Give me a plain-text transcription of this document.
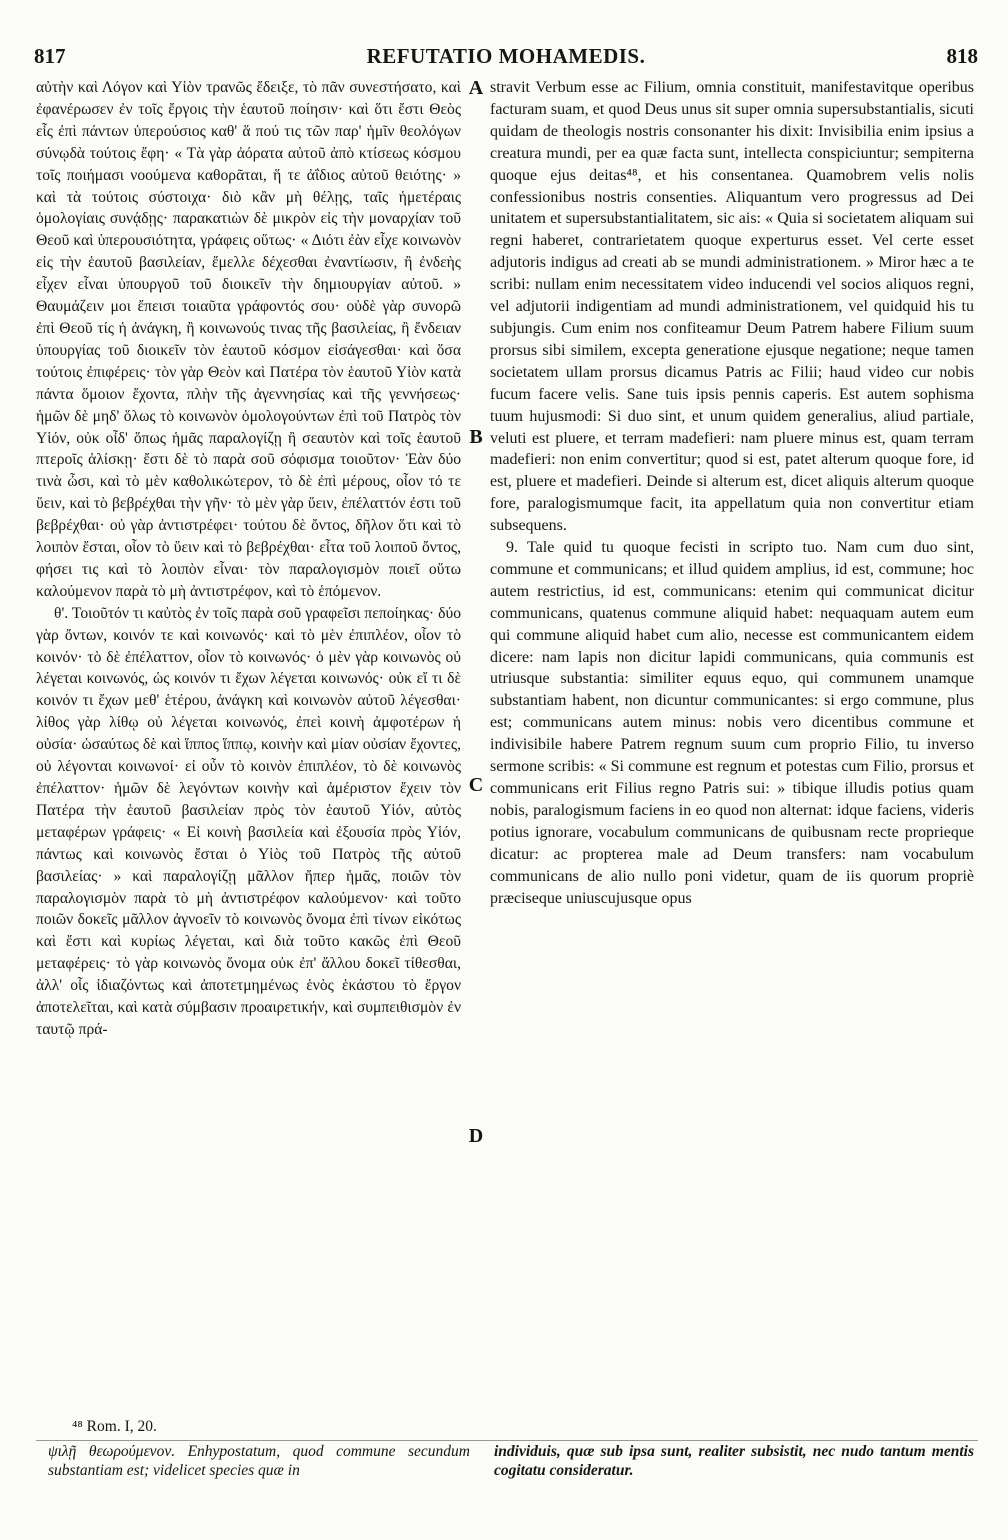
817	REFUTATIO MOHAMEDIS.	818

αὐτὴν καὶ Λόγον καὶ Υἱὸν τρανῶς ἔδειξε, τὸ πᾶν συνεστήσατο, καὶ ἐφανέρωσεν ἐν τοῖς ἔργοις τὴν ἑαυτοῦ ποίησιν· καὶ ὅτι ἔστι Θεὸς εἷς ἐπὶ πάντων ὑπερούσιος καθ' ἅ πού τις τῶν παρ' ἡμῖν θεολόγων σύνῳδὰ τούτοις ἔφη· « Τὰ γὰρ ἀόρατα αὐτοῦ ἀπὸ κτίσεως κόσμου τοῖς ποιήμασι νοούμενα καθορᾶται, ἥ τε ἀΐδιος αὐτοῦ θειότης· » καὶ τὰ τούτοις σύστοιχα· διὸ κἂν μὴ θέλῃς, ταῖς ἡμετέραις ὁμολογίαις συνᾴδῃς· παρακατιὼν δὲ μικρὸν εἰς τὴν μοναρχίαν τοῦ Θεοῦ καὶ ὑπερουσιότητα, γράφεις οὕτως· « Διότι ἐὰν εἶχε κοινωνὸν εἰς τὴν ἑαυτοῦ βασιλείαν, ἔμελλε δέχεσθαι ἐναντίωσιν, ἢ ἐνδεὴς εἶχεν εἶναι ὑπουργοῦ τοῦ διοικεῖν τὴν δημιουργίαν αὐτοῦ. » Θαυμάζειν μοι ἔπεισι τοιαῦτα γράφοντός σου· οὐδὲ γὰρ συνορῶ ἐπὶ Θεοῦ τίς ἡ ἀνάγκη, ἢ κοινωνούς τινας τῆς βασιλείας, ἢ ἔνδειαν ὑπουργίας τοῦ διοικεῖν τὸν ἑαυτοῦ κόσμον εἰσάγεσθαι· καὶ ὅσα τούτοις ἐπιφέρεις· τὸν γὰρ Θεὸν καὶ Πατέρα τὸν ἑαυτοῦ Υἱὸν κατὰ πάντα ὅμοιον ἔχοντα, πλὴν τῆς ἀγεννησίας καὶ τῆς γεννήσεως· ἡμῶν δὲ μηδ' ὅλως τὸ κοινωνὸν ὁμολογούντων ἐπὶ τοῦ Πατρὸς τὸν Υἱόν, οὐκ οἶδ' ὅπως ἡμᾶς παραλογίζῃ ἢ σεαυτὸν καὶ τοῖς ἑαυτοῦ πτεροῖς ἁλίσκῃ· ἔστι δὲ τὸ παρὰ σοῦ σόφισμα τοιοῦτον· Ἐὰν δύο τινὰ ὦσι, καὶ τὸ μὲν καθολικώτερον, τὸ δὲ ἐπὶ μέρους, οἷον τό τε ὕειν, καὶ τὸ βεβρέχθαι τὴν γῆν· τὸ μὲν γὰρ ὕειν, ἐπέλαττόν ἐστι τοῦ βεβρέχθαι· οὐ γὰρ ἀντιστρέφει· τούτου δὲ ὄντος, δῆλον ὅτι καὶ τὸ λοιπὸν ἔσται, οἷον τὸ ὕειν καὶ τὸ βεβρέχθαι· εἶτα τοῦ λοιποῦ ὄντος, φήσει τις καὶ τὸ λοιπὸν εἶναι· τὸν παραλογισμὸν ποιεῖ οὕτω καλούμενον παρὰ τὸ μὴ ἀντιστρέφον, καὶ τὸ ἑπόμενον.

θ'. Τοιοῦτόν τι καὐτὸς ἐν τοῖς παρὰ σοῦ γραφεῖσι πεποίηκας· δύο γὰρ ὄντων, κοινόν τε καὶ κοινωνός· καὶ τὸ μὲν ἐπιπλέον, οἷον τὸ κοινόν· τὸ δὲ ἐπέλαττον, οἷον τὸ κοινωνός· ὁ μὲν γὰρ κοινωνὸς οὐ λέγεται κοινωνός, ὡς κοινόν τι ἔχων λέγεται κοινωνός· οὐκ εἴ τι δὲ κοινόν τι ἔχων μεθ' ἑτέρου, ἀνάγκη καὶ κοινωνὸν αὐτοῦ λέγεσθαι· λίθος γὰρ λίθῳ οὐ λέγεται κοινωνός, ἐπεὶ κοινὴ ἀμφοτέρων ἡ οὐσία· ὡσαύτως δὲ καὶ ἵππος ἵππῳ, κοινὴν καὶ μίαν οὐσίαν ἔχοντες, οὐ λέγονται κοινωνοί· εἰ οὖν τὸ κοινὸν ἐπιπλέον, τὸ δὲ κοινωνὸς ἐπέλαττον· ἡμῶν δὲ λεγόντων κοινὴν καὶ ἀμέριστον ἔχειν τὸν Πατέρα τὴν ἑαυτοῦ βασιλείαν πρὸς τὸν ἑαυτοῦ Υἱόν, αὐτὸς μεταφέρων γράφεις· « Εἰ κοινὴ βασιλεία καὶ ἐξουσία πρὸς Υἱόν, πάντως καὶ κοινωνὸς ἔσται ὁ Υἱὸς τοῦ Πατρὸς τῆς αὐτοῦ βασιλείας· » καὶ παραλογίζῃ μᾶλλον ἤπερ ἡμᾶς, ποιῶν τὸν παραλογισμὸν παρὰ τὸ μὴ ἀντιστρέφον καλούμενον· καὶ τοῦτο ποιῶν δοκεῖς μᾶλλον ἀγνοεῖν τὸ κοινωνὸς ὄνομα ἐπὶ τίνων εἰκότως καὶ ἔστι καὶ κυρίως λέγεται, καὶ διὰ τοῦτο κακῶς ἐπὶ Θεοῦ μεταφέρεις· τὸ γὰρ κοινωνὸς ὄνομα οὐκ ἐπ' ἄλλου δοκεῖ τίθεσθαι, ἀλλ' οἷς ἰδιαζόντως καὶ ἀποτετμημένως ἑνὸς ἑκάστου τὸ ἔργον ἀποτελεῖται, καὶ κατὰ σύμβασιν προαιρετικήν, καὶ συμπειθισμὸν ἐν ταυτῷ πρά-

A
B
C
D

stravit Verbum esse ac Filium, omnia constituit, manifestavitque operibus facturam suam, et quod Deus unus sit super omnia supersubstantialis, sicuti quidam de theologis nostris consonanter his dixit: Invisibilia enim ipsius a creatura mundi, per ea quæ facta sunt, intellecta conspiciuntur; sempiterna quoque ejus deitas⁴⁸, et his consentanea. Quamobrem velis nolis confessionibus nostris consenties. Aliquantum vero progressus ad Dei unitatem et supersubstantialitatem, sic ais: « Quia si societatem aliquam sui regni haberet, contrarietatem quoque experturus esset. Vel certe esset adjutoris indigus ad creati ab se mundi administrationem. » Miror hæc a te scribi: nullam enim necessitatem video inducendi vel socios aliquos regni, vel adjutorii indigentiam ad mundi administrationem, vel quidquid his tu subjungis. Cum enim nos confiteamur Deum Patrem habere Filium suum prorsus sibi similem, excepta generatione ejusque negatione; neque tamen societatem ullam prorsus dicamus Patris ac Filii; haud video cur nobis fucum facere velis. Sane tuis ipsis pennis caperis. Est autem sophisma tuum hujusmodi: Si duo sint, et unum quidem generalius, aliud partiale, veluti est pluere, et terram madefieri: nam pluere minus est, quam terram madefieri: non enim convertitur; quod si est, patet alterum quoque fore, id est, pluere et madefieri. Deinde si alterum est, dicet aliquis alterum quoque fore, paralogismumque facit, ita appellatum quia non convertitur etiam subsequens.

9. Tale quid tu quoque fecisti in scripto tuo. Nam cum duo sint, commune et communicans; et illud quidem amplius, id est, commune; hoc autem restrictius, id est, communicans: etenim qui communicat dicitur communicans, quatenus commune aliquid habet: nequaquam autem eum qui commune aliquid habet cum alio, necesse est communicantem eidem dicere: nam lapis non dicitur lapidi communicans, quia communis est utriusque substantia: similiter equus equo, qui communem unamque substantiam habent, non dicuntur communicantes: si ergo commune, plus est; communicans autem minus: nobis vero dicentibus commune et indivisibile habere Patrem regnum suum cum proprio Filio, tu inverso sermone scribis: « Si commune est regnum et potestas cum Filio, prorsus et communicans erit Filius regno Patris sui: » tibique illudis potius quam nobis, paralogismum faciens in eo quod non alternat: idque faciens, videris potius ignorare, vocabulum communicans de quibusnam recte proprieque dicatur: ac propterea male ad Deum transfers: nam vocabulum communicans de alio nullo poni videtur, quam de iis quorum propriè præciseque uniuscujusque opus

⁴⁸ Rom. I, 20.
ψιλῇ θεωρούμενον. Enhypostatum, quod commune secundum substantiam est; videlicet species quæ in
individuis, quæ sub ipsa sunt, realiter subsistit, nec nudo tantum mentis cogitatu consideratur.
